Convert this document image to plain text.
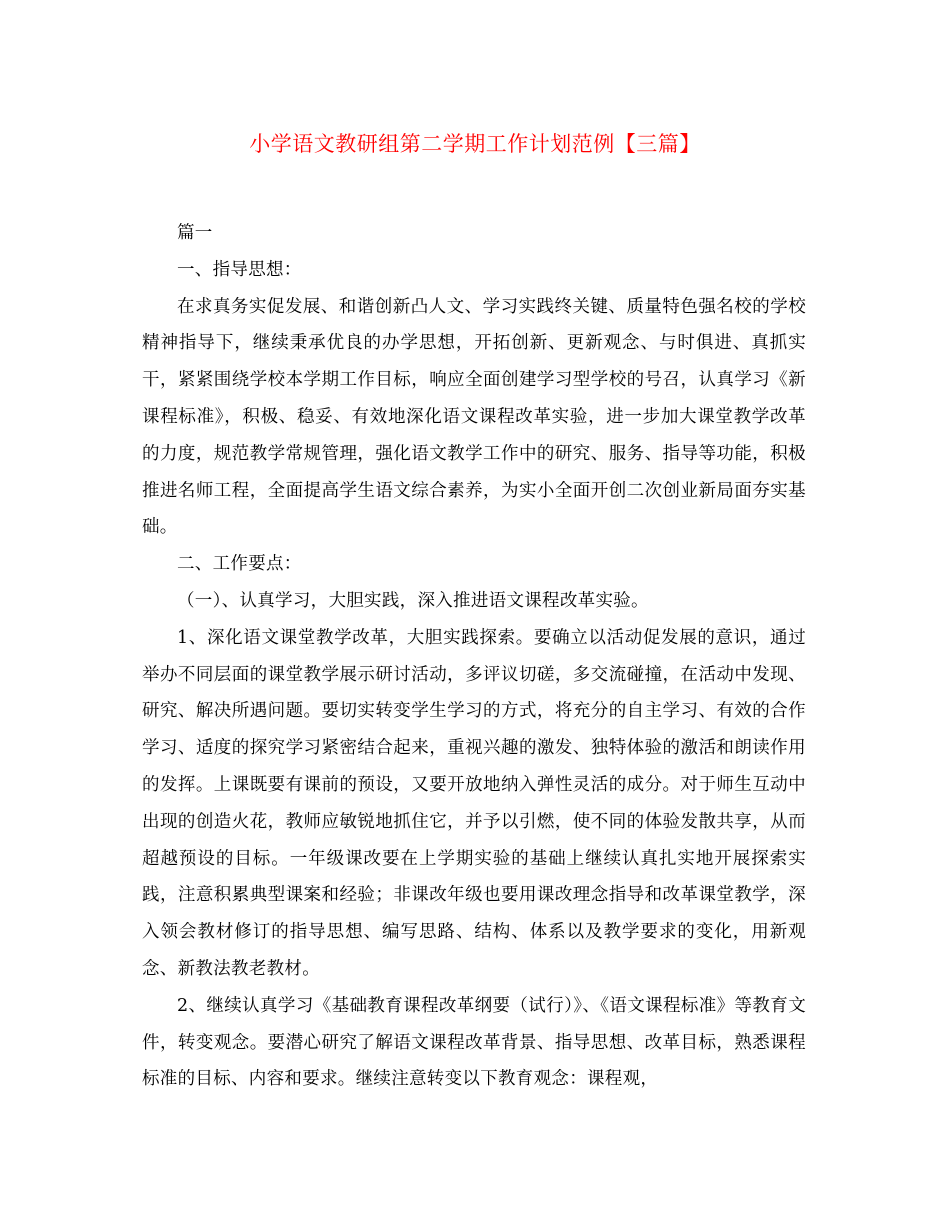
小学语文教研组第二学期工作计划范例【三篇】

篇一

一、指导思想：

在求真务实促发展、和谐创新凸人文、学习实践终关键、质量特色强名校的学校精神指导下，继续秉承优良的办学思想，开拓创新、更新观念、与时俱进、真抓实干，紧紧围绕学校本学期工作目标，响应全面创建学习型学校的号召，认真学习《新课程标准》，积极、稳妥、有效地深化语文课程改革实验，进一步加大课堂教学改革的力度，规范教学常规管理，强化语文教学工作中的研究、服务、指导等功能，积极推进名师工程，全面提高学生语文综合素养，为实小全面开创二次创业新局面夯实基础。

二、工作要点：

（一）、认真学习，大胆实践，深入推进语文课程改革实验。

1、深化语文课堂教学改革，大胆实践探索。要确立以活动促发展的意识，通过举办不同层面的课堂教学展示研讨活动，多评议切磋，多交流碰撞，在活动中发现、研究、解决所遇问题。要切实转变学生学习的方式，将充分的自主学习、有效的合作学习、适度的探究学习紧密结合起来，重视兴趣的激发、独特体验的激活和朗读作用的发挥。上课既要有课前的预设，又要开放地纳入弹性灵活的成分。对于师生互动中出现的创造火花，教师应敏锐地抓住它，并予以引燃，使不同的体验发散共享，从而超越预设的目标。一年级课改要在上学期实验的基础上继续认真扎实地开展探索实践，注意积累典型课案和经验；非课改年级也要用课改理念指导和改革课堂教学，深入领会教材修订的指导思想、编写思路、结构、体系以及教学要求的变化，用新观念、新教法教老教材。

2、继续认真学习《基础教育课程改革纲要（试行）》、《语文课程标准》等教育文件，转变观念。要潜心研究了解语文课程改革背景、指导思想、改革目标，熟悉课程标准的目标、内容和要求。继续注意转变以下教育观念：课程观，
